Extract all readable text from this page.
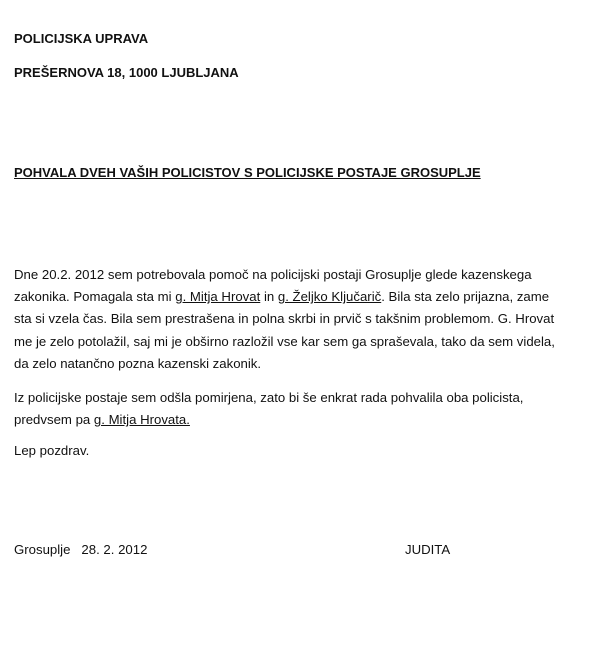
POLICIJSKA UPRAVA
PREŠERNOVA 18, 1000 LJUBLJANA
POHVALA DVEH VAŠIH POLICISTOV S POLICIJSKE POSTAJE GROSUPLJE
Dne 20.2. 2012 sem potrebovala pomoč na policijski postaji Grosuplje glede kazenskega
zakonika. Pomagala sta mi g. Mitja Hrovat in g. Željko Ključarič. Bila sta zelo prijazna, zame
sta si vzela čas. Bila sem prestrašena in polna skrbi in prvič s takšnim problemom. G. Hrovat
me je zelo potolažil, saj mi je obširno razložil vse kar sem ga spraševala, tako da sem videla,
da zelo natančno pozna kazenski zakonik.
Iz policijske postaje sem odšla pomirjena, zato bi še enkrat rada pohvalila oba policista,
predvsem pa g. Mitja Hrovata.
Lep pozdrav.
Grosuplje   28. 2. 2012	JUDITA
